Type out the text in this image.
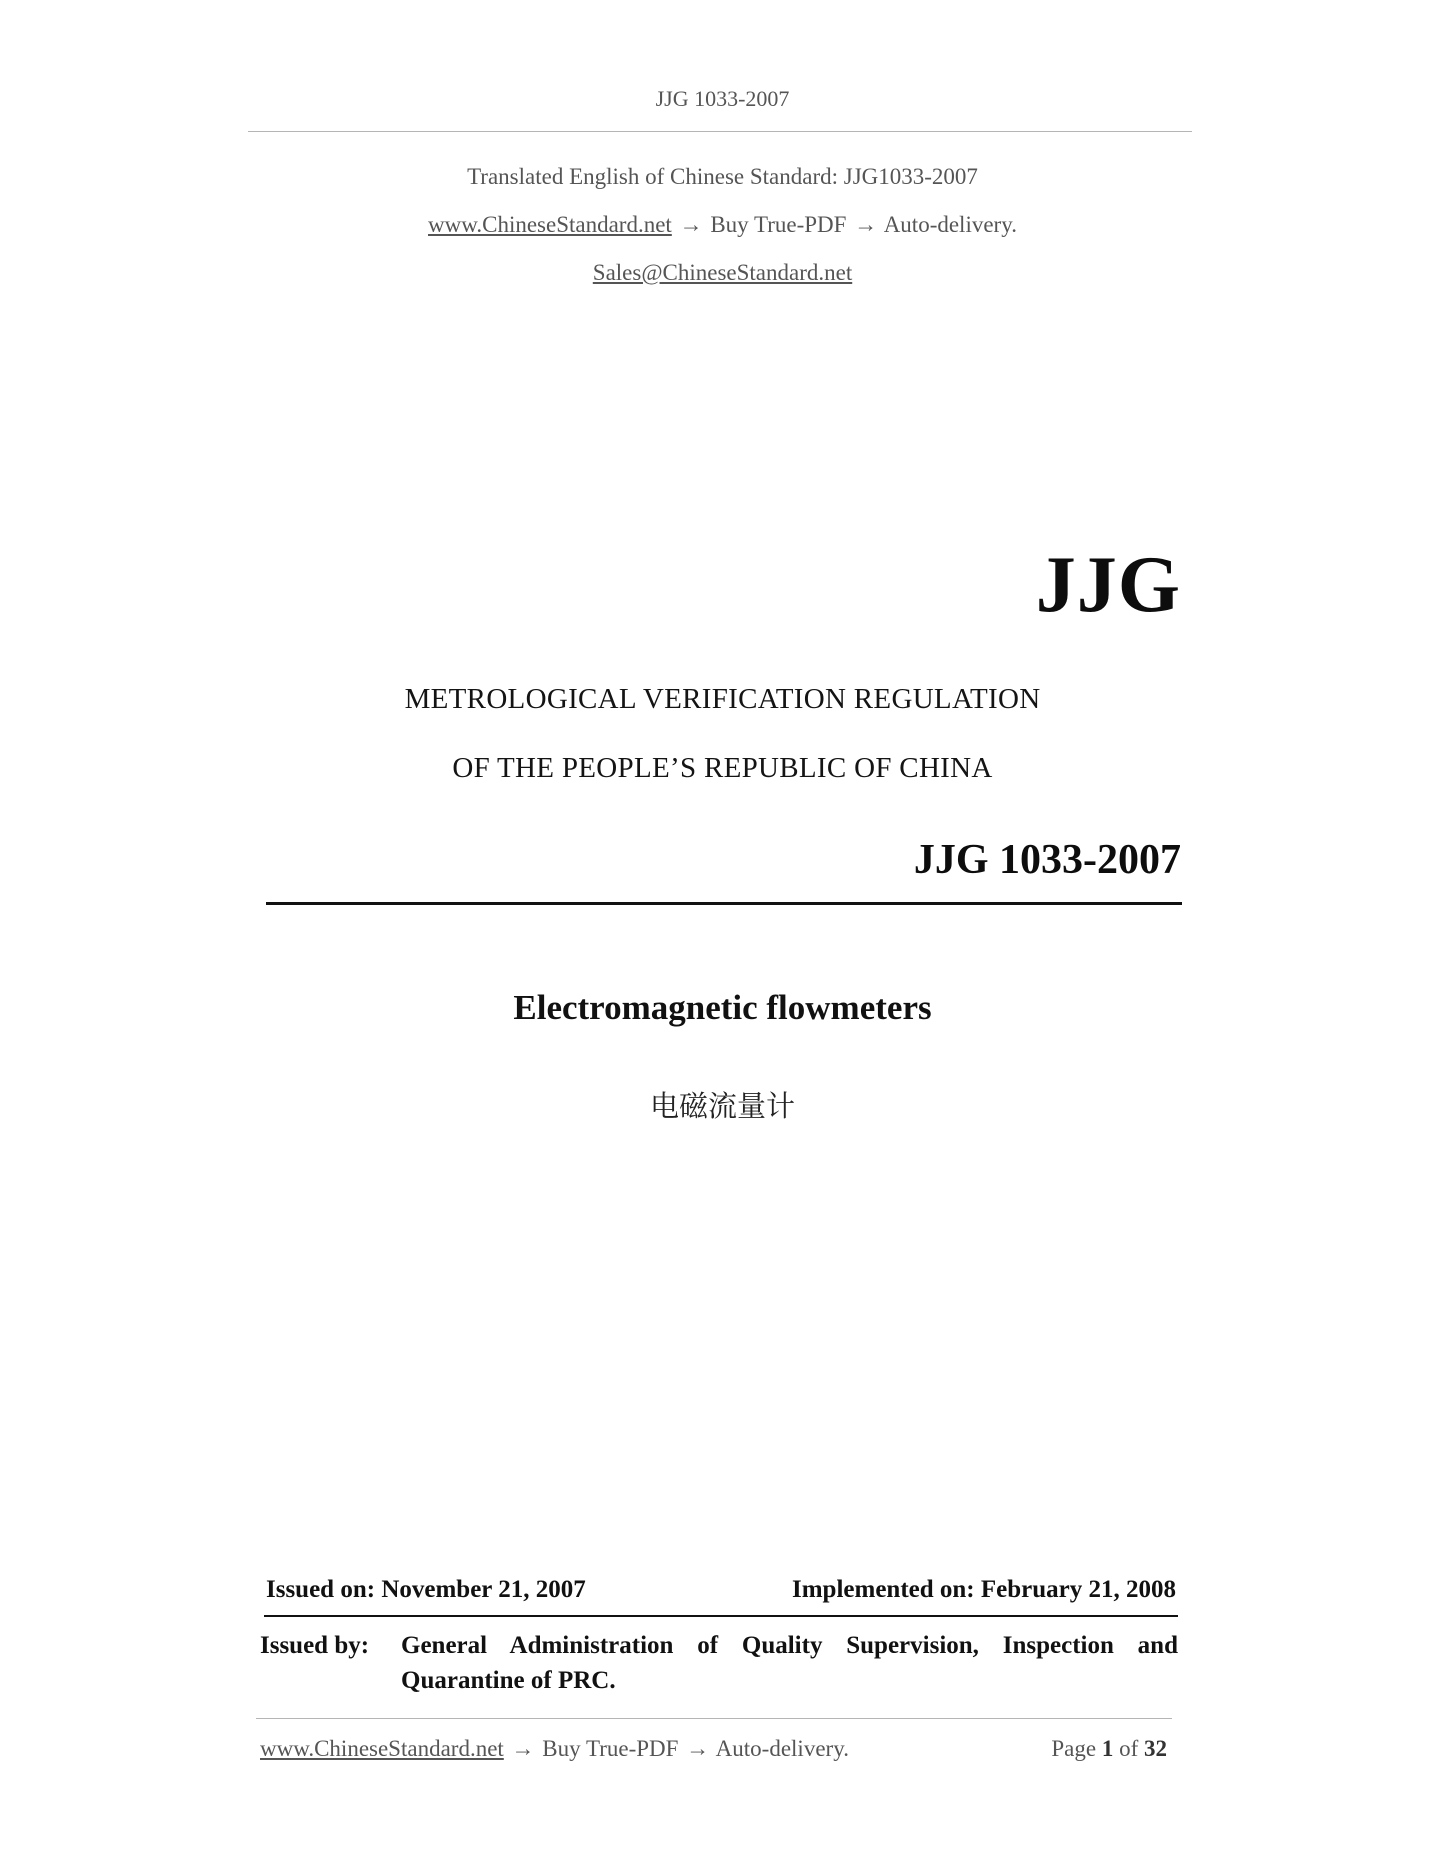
JJG 1033-2007
Translated English of Chinese Standard: JJG1033-2007
www.ChineseStandard.net → Buy True-PDF → Auto-delivery.
Sales@ChineseStandard.net
JJG
METROLOGICAL VERIFICATION REGULATION
OF THE PEOPLE’S REPUBLIC OF CHINA
JJG 1033-2007
Electromagnetic flowmeters
电磁流量计
Issued on: November 21, 2007	Implemented on: February 21, 2008
Issued by:	General Administration of Quality Supervision, Inspection and Quarantine of PRC.
www.ChineseStandard.net → Buy True-PDF → Auto-delivery.	Page 1 of 32
